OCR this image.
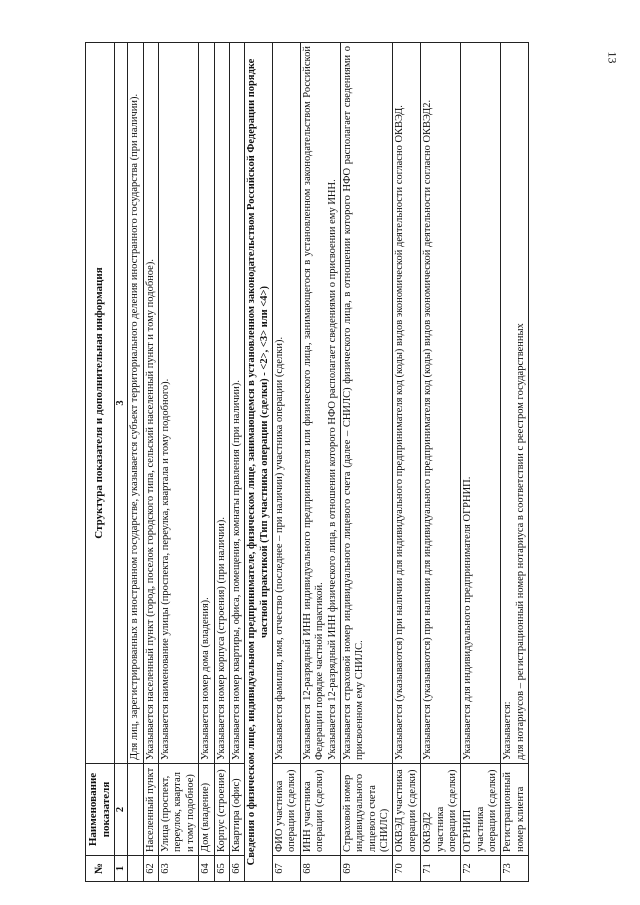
13
№	Наименование показателя	Структура показателя и дополнительная информация
1	2	3
		Для лиц, зарегистрированных в иностранном государстве, указывается субъект территориального деления иностранного государства (при наличии).
62	Населенный пункт	Указывается населенный пункт (город, поселок городского типа, сельский населенный пункт и тому подобное).
63	Улица (проспект, переулок, квартал и тому подобное)	Указывается наименование улицы (проспекта, переулка, квартала и тому подобного).
64	Дом (владение)	Указывается номер дома (владения).
65	Корпус (строение)	Указывается номер корпуса (строения) (при наличии).
66	Квартира (офис)	Указывается номер квартиры, офиса, помещения, комнаты правления (при наличии).
Сведения о физическом лице, индивидуальном предпринимателе, физическом лице, занимающемся в установленном законодательством Российской Федерации порядке частной практикой (Тип участника операции (сделки) - <2>, <3> или <4>)		
67	ФИО участника операции (сделки)	Указывается фамилия, имя, отчество (последнее – при наличии) участника операции (сделки).
68	ИНН участника операции (сделки)	Указывается 12-разрядный ИНН индивидуального предпринимателя или физического лица, занимающегося в установленном законодательством Российской Федерации порядке частной практикой. Указывается 12-разрядный ИНН физического лица, в отношении которого НФО располагает сведениями о присвоении ему ИНН.

69	Страховой номер индивидуального лицевого счета (СНИЛС)	Указывается страховой номер индивидуального лицевого счета (далее – СНИЛС) физического лица, в отношении которого НФО располагает сведениями о присвоенном ему СНИЛС.
70	ОКВЭД участника операции (сделки)	Указывается (указываются) при наличии для индивидуального предпринимателя код (коды) видов экономической деятельности согласно ОКВЭД.
71	ОКВЭД2 участника операции (сделки)	Указывается (указываются) при наличии для индивидуального предпринимателя код (коды) видов экономической деятельности согласно ОКВЭД2.
72	ОГРНИП участника операции (сделки)	Указывается для индивидуального предпринимателя ОГРНИП.
73	Регистрационный номер клиента	Указывается: для нотариусов – регистрационный номер нотариуса в соответствии с реестром государственных
